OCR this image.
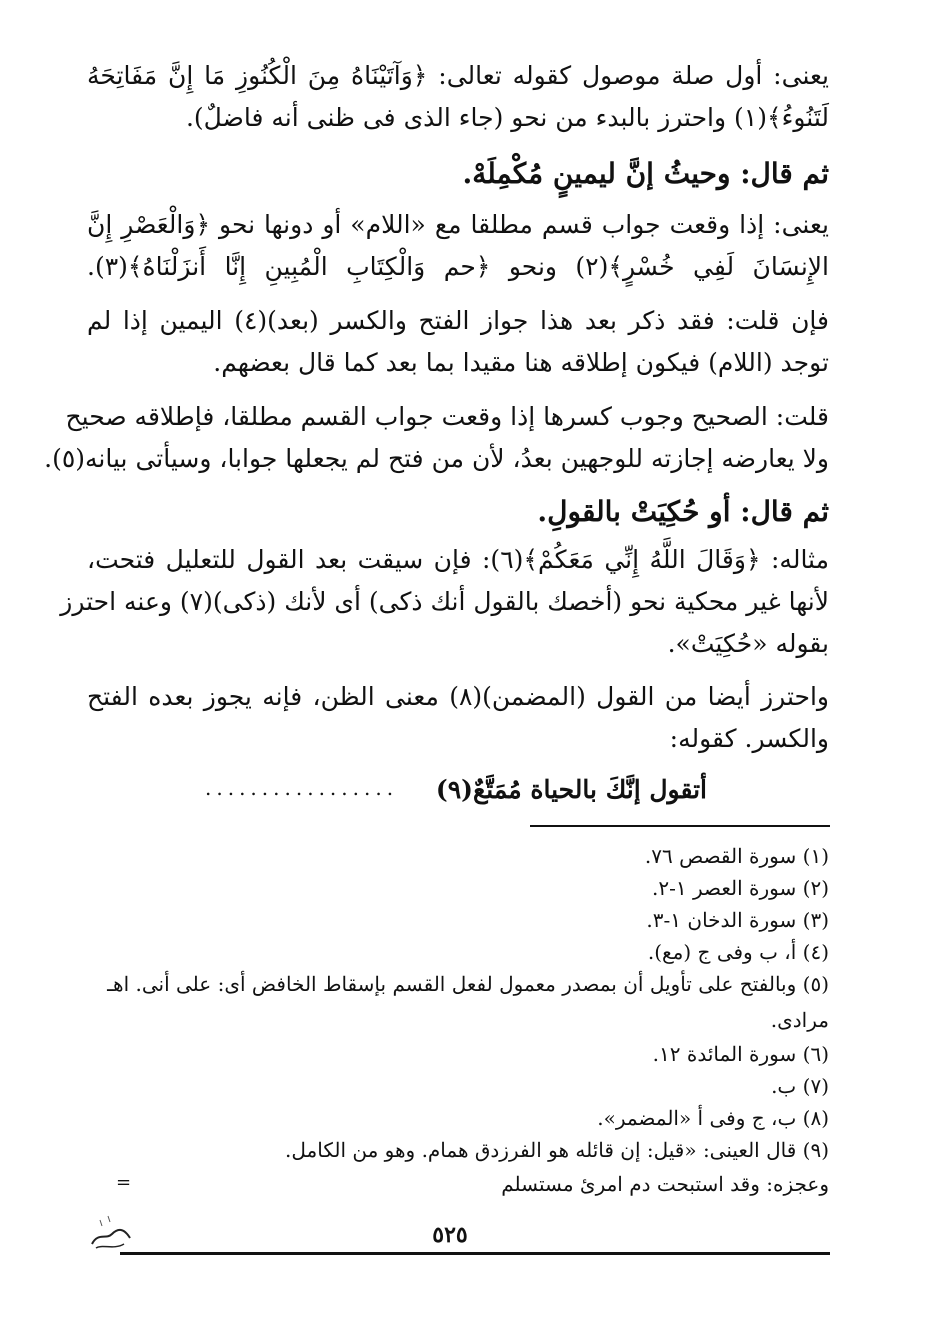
يعنى: أول صلة موصول كقوله تعالى: ﴿وَآتَيْنَاهُ مِنَ الْكُنُوزِ مَا إِنَّ مَفَاتِحَهُ
لَتَنُوءُ﴾(١) واحترز بالبدء من نحو (جاء الذى فى ظنى أنه فاضلٌ).
ثم قال: وحيثُ إنَّ ليمينٍ مُكْمِلَهْ.
يعنى: إذا وقعت جواب قسم مطلقا مع «اللام» أو دونها نحو ﴿وَالْعَصْرِ إِنَّ
الإِنسَانَ لَفِي خُسْرٍ﴾(٢) ونحو ﴿حم وَالْكِتَابِ الْمُبِينِ إِنَّا أَنزَلْنَاهُ﴾(٣).
فإن قلت: فقد ذكر بعد هذا جواز الفتح والكسر (بعد)(٤) اليمين إذا لم
توجد (اللام) فيكون إطلاقه هنا مقيدا بما بعد كما قال بعضهم.
قلت: الصحيح وجوب كسرها إذا وقعت جواب القسم مطلقا، فإطلاقه صحيح
ولا يعارضه إجازته للوجهين بعدُ، لأن من فتح لم يجعلها جوابا، وسيأتى بيانه(٥).
ثم قال: أو حُكِيَتْ بالقولِ.
مثاله: ﴿وَقَالَ اللَّهُ إِنِّي مَعَكُمْ﴾(٦): فإن سيقت بعد القول للتعليل فتحت،
لأنها غير محكية نحو (أخصك بالقول أنك ذكى) أى لأنك (ذكى)(٧) وعنه احترز
بقوله «حُكِيَتْ».
واحترز أيضا من القول (المضمن)(٨) معنى الظن، فإنه يجوز بعده الفتح
والكسر. كقوله:
أتقول إنَّكَ بالحياة مُمَتَّعٌ(٩)
.................
(١) سورة القصص ٧٦.
(٢) سورة العصر ١-٢.
(٣) سورة الدخان ١-٣.
(٤) أ، ب وفى ج (مع).
(٥) وبالفتح على تأويل أن بمصدر معمول لفعل القسم بإسقاط الخافض أى: على أنى. اهـ
مرادى.
(٦) سورة المائدة ١٢.
(٧) ب.
(٨) ب، ج وفى أ «المضمر».
(٩) قال العينى: «قيل: إن قائله هو الفرزدق همام. وهو من الكامل.
وعجزه: وقد استبحت دم امرئ مستسلم
=
٥٢٥
